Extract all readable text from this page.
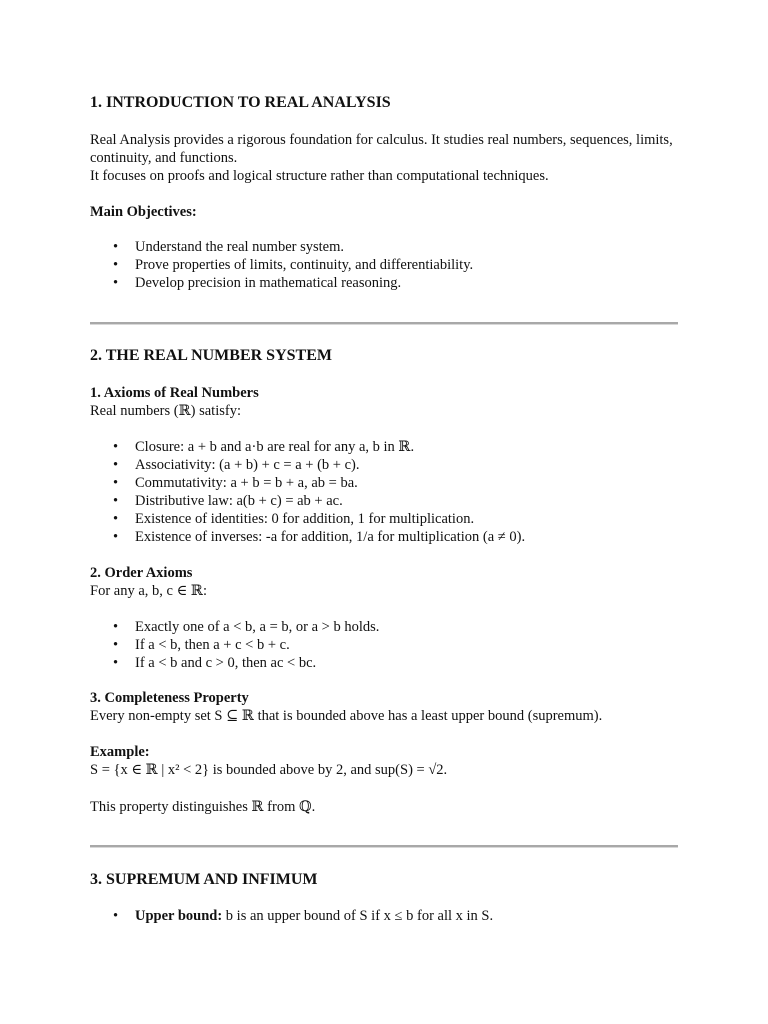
1. INTRODUCTION TO REAL ANALYSIS

Real Analysis provides a rigorous foundation for calculus. It studies real numbers, sequences, limits, continuity, and functions.
It focuses on proofs and logical structure rather than computational techniques.

Main Objectives:

• Understand the real number system.
• Prove properties of limits, continuity, and differentiability.
• Develop precision in mathematical reasoning.
2. THE REAL NUMBER SYSTEM

1. Axioms of Real Numbers
Real numbers (ℝ) satisfy:

• Closure: a + b and a·b are real for any a, b in ℝ.
• Associativity: (a + b) + c = a + (b + c).
• Commutativity: a + b = b + a, ab = ba.
• Distributive law: a(b + c) = ab + ac.
• Existence of identities: 0 for addition, 1 for multiplication.
• Existence of inverses: -a for addition, 1/a for multiplication (a ≠ 0).

2. Order Axioms
For any a, b, c ∈ ℝ:

• Exactly one of a < b, a = b, or a > b holds.
• If a < b, then a + c < b + c.
• If a < b and c > 0, then ac < bc.

3. Completeness Property
Every non-empty set S ⊆ ℝ that is bounded above has a least upper bound (supremum).

Example:
S = {x ∈ ℝ | x² < 2} is bounded above by 2, and sup(S) = √2.

This property distinguishes ℝ from ℚ.

3. SUPREMUM AND INFIMUM
• Upper bound: b is an upper bound of S if x ≤ b for all x in S.
